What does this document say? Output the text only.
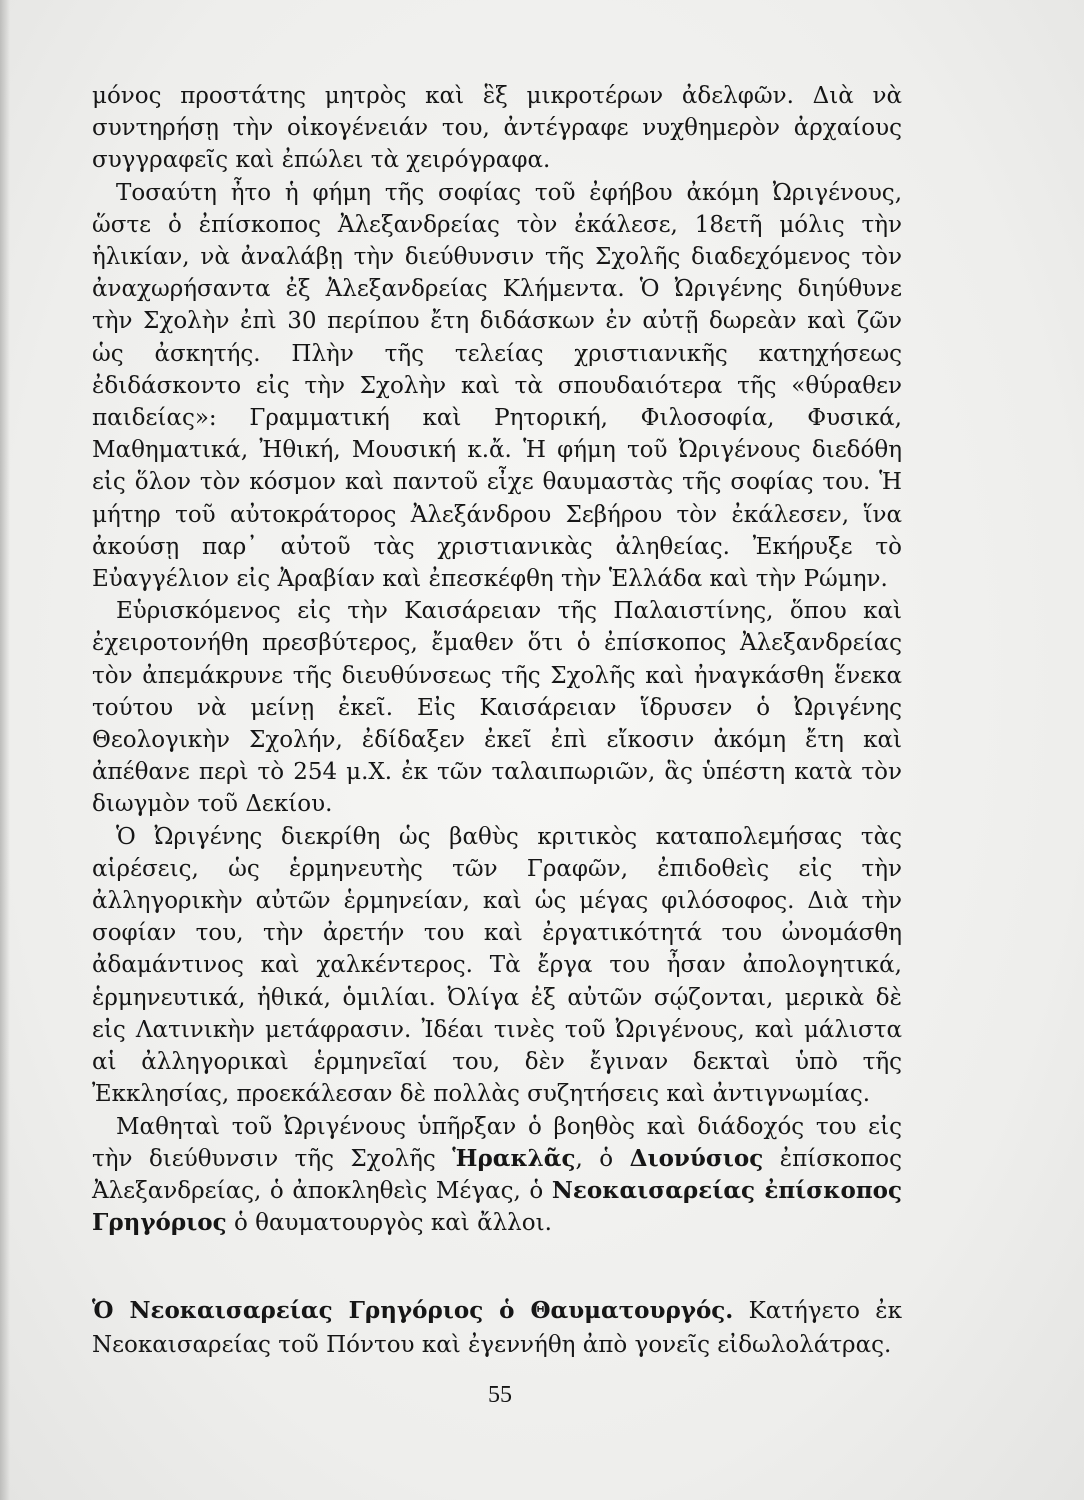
μόνος προστάτης μητρὸς καὶ ἓξ μικροτέρων ἀδελφῶν. Διὰ νὰ συντηρήσῃ τὴν οἰκογένειάν του, ἀντέγραφε νυχθημερὸν ἀρχαίους συγγραφεῖς καὶ ἐπώλει τὰ χειρόγραφα.

Τοσαύτη ἦτο ἡ φήμη τῆς σοφίας τοῦ ἐφήβου ἀκόμη Ὠριγένους, ὥστε ὁ ἐπίσκοπος Ἀλεξανδρείας τὸν ἐκάλεσε, 18ετῆ μόλις τὴν ἡλικίαν, νὰ ἀναλάβῃ τὴν διεύθυνσιν τῆς Σχολῆς διαδεχόμενος τὸν ἀναχωρήσαντα ἐξ Ἀλεξανδρείας Κλήμεντα. Ὁ Ὠριγένης διηύθυνε τὴν Σχολὴν ἐπὶ 30 περίπου ἔτη διδάσκων ἐν αὐτῇ δωρεὰν καὶ ζῶν ὡς ἀσκητής. Πλὴν τῆς τελείας χριστιανικῆς κατηχήσεως ἐδιδάσκοντο εἰς τὴν Σχολὴν καὶ τὰ σπουδαιότερα τῆς «θύραθεν παιδείας»: Γραμματική καὶ Ρητορική, Φιλοσοφία, Φυσικά, Μαθηματικά, Ἠθική, Μουσική κ.ἄ. Ἡ φήμη τοῦ Ὠριγένους διεδόθη εἰς ὅλον τὸν κόσμον καὶ παντοῦ εἶχε θαυμαστὰς τῆς σοφίας του. Ἡ μήτηρ τοῦ αὐτοκράτορος Ἀλεξάνδρου Σεβήρου τὸν ἐκάλεσεν, ἵνα ἀκούσῃ παρ᾽ αὐτοῦ τὰς χριστιανικὰς ἀληθείας. Ἐκήρυξε τὸ Εὐαγγέλιον εἰς Ἀραβίαν καὶ ἐπεσκέφθη τὴν Ἑλλάδα καὶ τὴν Ρώμην.

Εὑρισκόμενος εἰς τὴν Καισάρειαν τῆς Παλαιστίνης, ὅπου καὶ ἐχειροτονήθη πρεσβύτερος, ἔμαθεν ὅτι ὁ ἐπίσκοπος Ἀλεξανδρείας τὸν ἀπεμάκρυνε τῆς διευθύνσεως τῆς Σχολῆς καὶ ἠναγκάσθη ἕνεκα τούτου νὰ μείνῃ ἐκεῖ. Εἰς Καισάρειαν ἵδρυσεν ὁ Ὠριγένης Θεολογικὴν Σχολήν, ἐδίδαξεν ἐκεῖ ἐπὶ εἴκοσιν ἀκόμη ἔτη καὶ ἀπέθανε περὶ τὸ 254 μ.Χ. ἐκ τῶν ταλαιπωριῶν, ἃς ὑπέστη κατὰ τὸν διωγμὸν τοῦ Δεκίου.

Ὁ Ὠριγένης διεκρίθη ὡς βαθὺς κριτικὸς καταπολεμήσας τὰς αἱρέσεις, ὡς ἑρμηνευτὴς τῶν Γραφῶν, ἐπιδοθεὶς εἰς τὴν ἀλληγορικὴν αὐτῶν ἑρμηνείαν, καὶ ὡς μέγας φιλόσοφος. Διὰ τὴν σοφίαν του, τὴν ἀρετήν του καὶ ἐργατικότητά του ὠνομάσθη ἀδαμάντινος καὶ χαλκέντερος. Τὰ ἔργα του ἦσαν ἀπολογητικά, ἑρμηνευτικά, ἠθικά, ὁμιλίαι. Ὀλίγα ἐξ αὐτῶν σῴζονται, μερικὰ δὲ εἰς Λατινικὴν μετάφρασιν. Ἰδέαι τινὲς τοῦ Ὠριγένους, καὶ μάλιστα αἱ ἀλληγορικαὶ ἑρμηνεῖαί του, δὲν ἔγιναν δεκταὶ ὑπὸ τῆς Ἐκκλησίας, προεκάλεσαν δὲ πολλὰς συζητήσεις καὶ ἀντιγνωμίας.

Μαθηταὶ τοῦ Ὠριγένους ὑπῆρξαν ὁ βοηθὸς καὶ διάδοχός του εἰς τὴν διεύθυνσιν τῆς Σχολῆς Ἡρακλᾶς, ὁ Διονύσιος ἐπίσκοπος Ἀλεξανδρείας, ὁ ἀποκληθεὶς Μέγας, ὁ Νεοκαισαρείας ἐπίσκοπος Γρηγόριος ὁ θαυματουργὸς καὶ ἄλλοι.

Ὁ Νεοκαισαρείας Γρηγόριος ὁ Θαυματουργός. Κατήγετο ἐκ Νεοκαισαρείας τοῦ Πόντου καὶ ἐγεννήθη ἀπὸ γονεῖς εἰδωλολάτρας.

55
